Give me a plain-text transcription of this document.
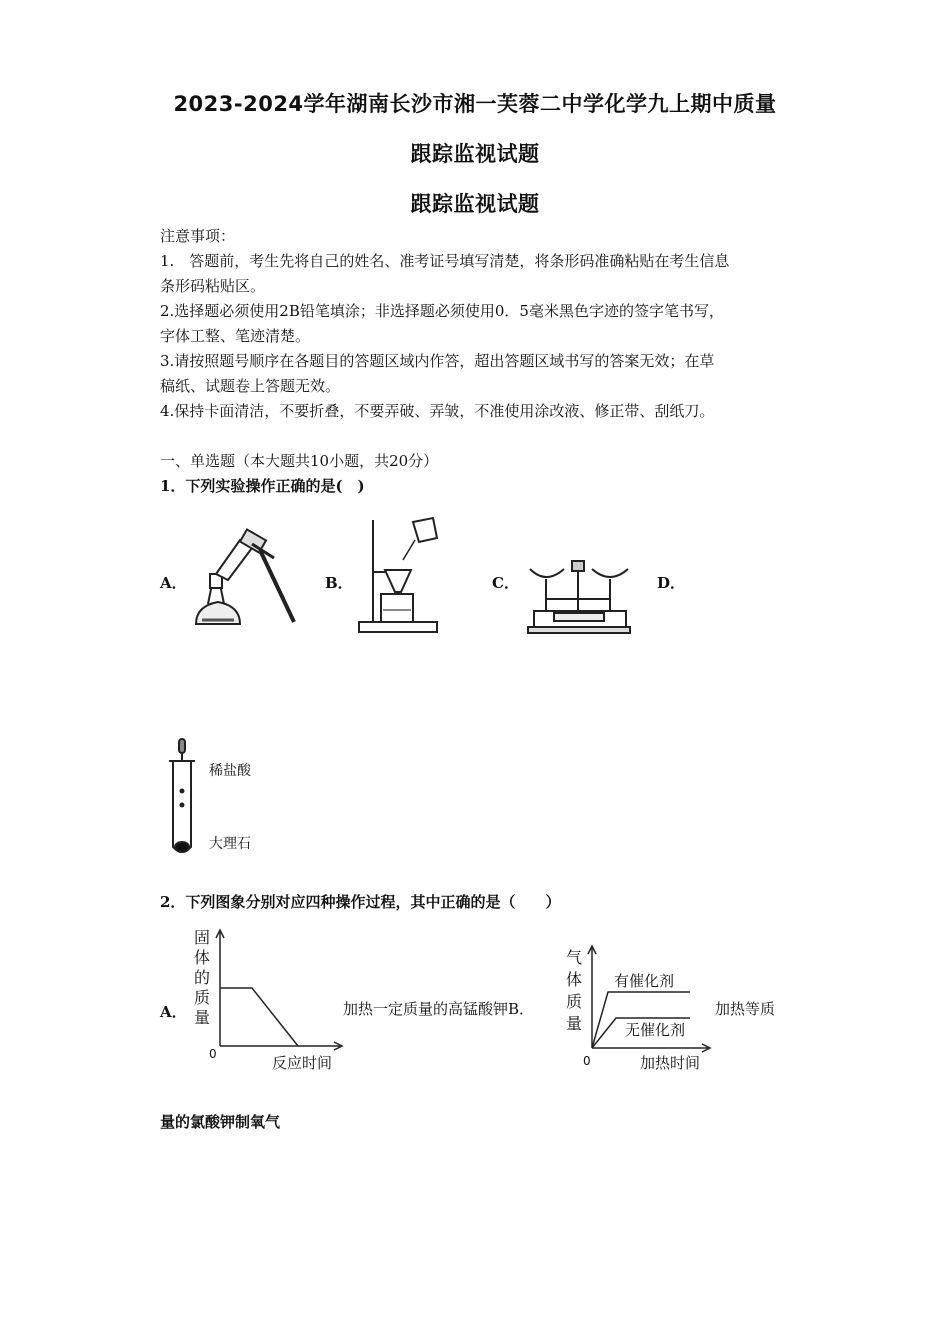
2023-2024学年湖南长沙市湘一芙蓉二中学化学九上期中质量
跟踪监视试题
跟踪监视试题
注意事项：
1.　答题前，考生先将自己的姓名、准考证号填写清楚，将条形码准确粘贴在考生信息
条形码粘贴区。
2.选择题必须使用2B铅笔填涂；非选择题必须使用0．5毫米黑色字迹的签字笔书写，
字体工整、笔迹清楚。
3.请按照题号顺序在各题目的答题区域内作答，超出答题区域书写的答案无效；在草
稿纸、试题卷上答题无效。
4.保持卡面清洁，不要折叠，不要弄破、弄皱，不准使用涂改液、修正带、刮纸刀。
一、单选题（本大题共10小题，共20分）
1．下列实验操作正确的是(　)
A．	B．	C．	D．
稀盐酸
大理石
2．下列图象分别对应四种操作过程，其中正确的是（　　）
A．
固
体
的
质
量
0	反应时间
加热一定质量的高锰酸钾B．
气
体
质
量
有催化剂
无催化剂
0	加热时间
加热等质
量的氯酸钾制氧气
